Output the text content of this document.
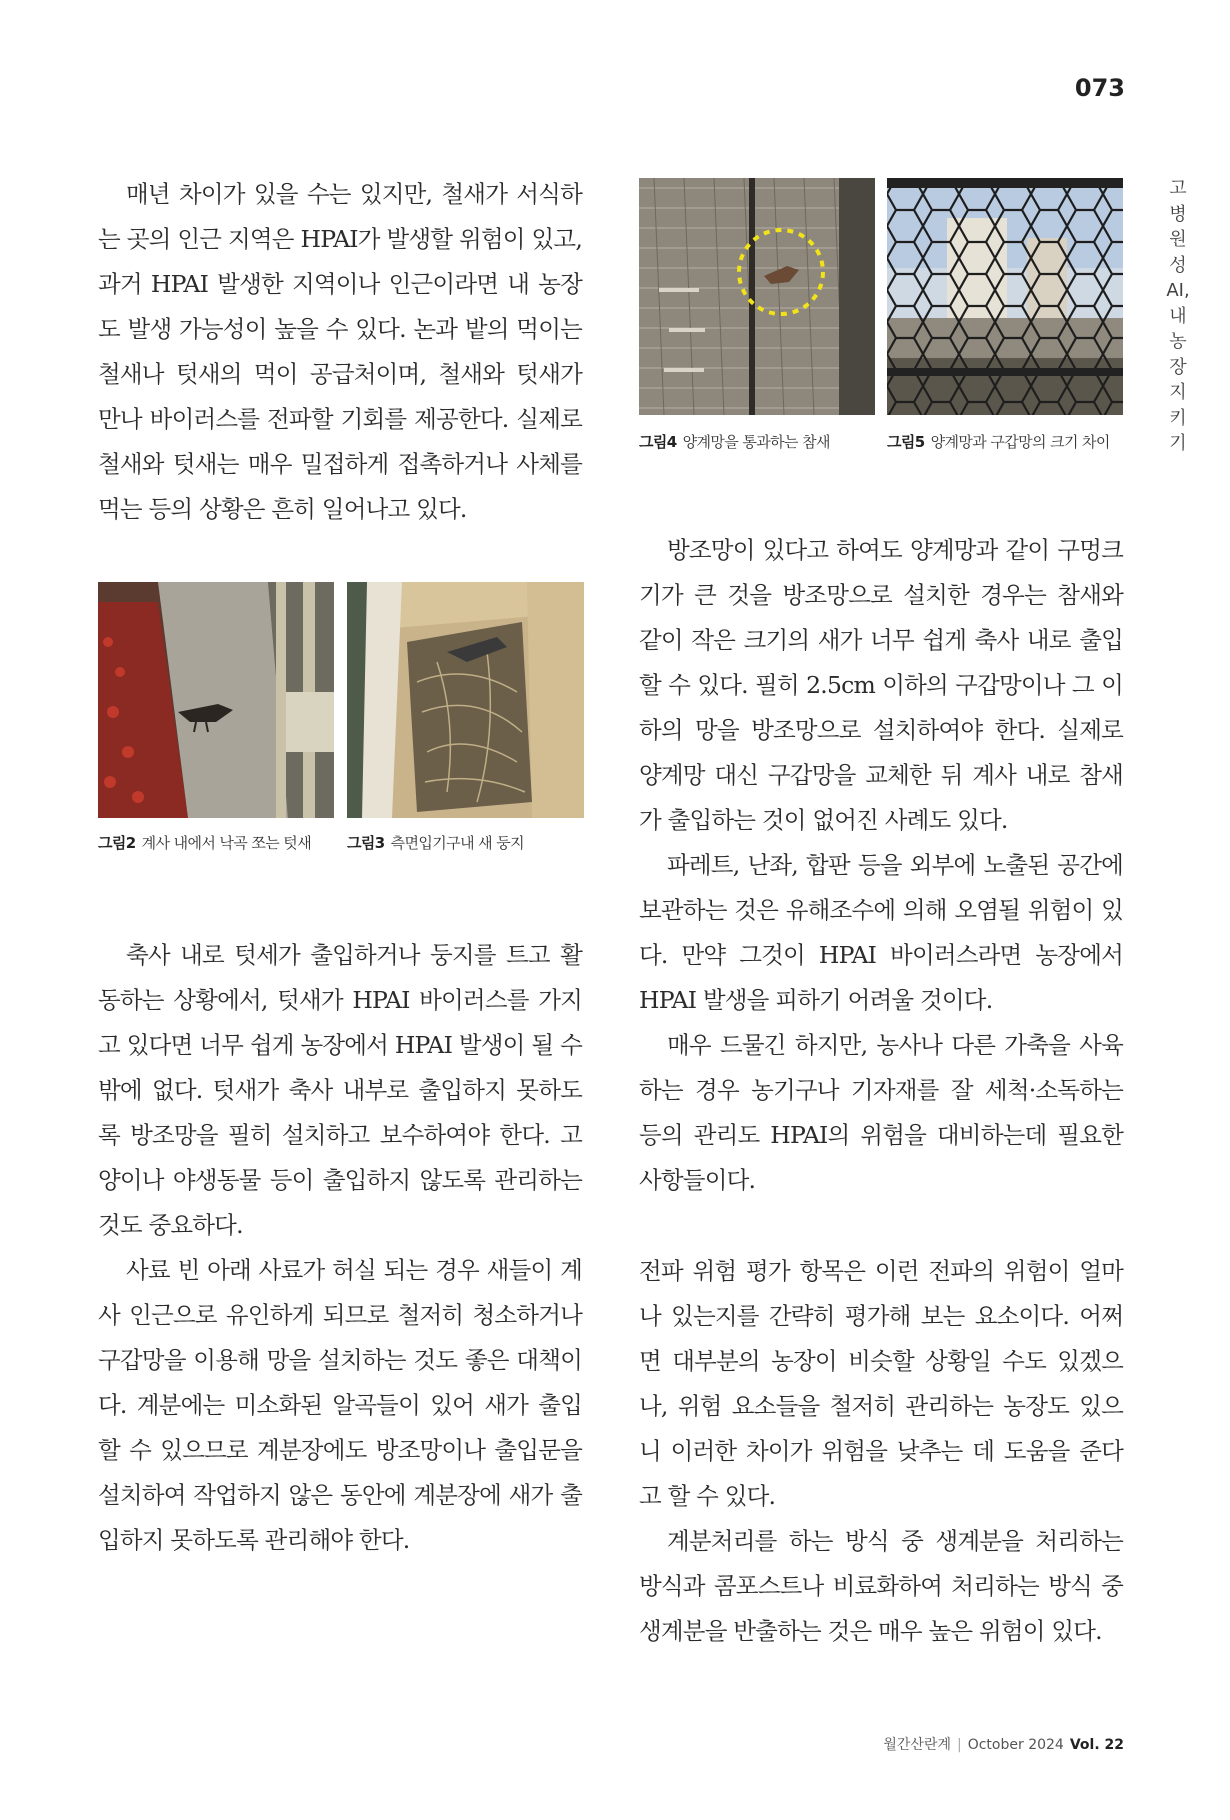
073
고병원성 AI, 내 농장 지키기

매년 차이가 있을 수는 있지만, 철새가 서식하는 곳의 인근 지역은 HPAI가 발생할 위험이 있고, 과거 HPAI 발생한 지역이나 인근이라면 내 농장도 발생 가능성이 높을 수 있다. 논과 밭의 먹이는 철새나 텃새의 먹이 공급처이며, 철새와 텃새가 만나 바이러스를 전파할 기회를 제공한다. 실제로 철새와 텃새는 매우 밀접하게 접촉하거나 사체를 먹는 등의 상황은 흔히 일어나고 있다.

그림2 계사 내에서 낙곡 쪼는 텃새 그림3 측면입기구내 새 둥지

축사 내로 텃세가 출입하거나 둥지를 트고 활동하는 상황에서, 텃새가 HPAI 바이러스를 가지고 있다면 너무 쉽게 농장에서 HPAI 발생이 될 수 밖에 없다. 텃새가 축사 내부로 출입하지 못하도록 방조망을 필히 설치하고 보수하여야 한다. 고양이나 야생동물 등이 출입하지 않도록 관리하는 것도 중요하다.

사료 빈 아래 사료가 허실 되는 경우 새들이 계사 인근으로 유인하게 되므로 철저히 청소하거나 구갑망을 이용해 망을 설치하는 것도 좋은 대책이다. 계분에는 미소화된 알곡들이 있어 새가 출입할 수 있으므로 계분장에도 방조망이나 출입문을 설치하여 작업하지 않은 동안에 계분장에 새가 출입하지 못하도록 관리해야 한다.

그림4 양계망을 통과하는 참새	그림5 양계망과 구갑망의 크기 차이

방조망이 있다고 하여도 양계망과 같이 구멍크기가 큰 것을 방조망으로 설치한 경우는 참새와 같이 작은 크기의 새가 너무 쉽게 축사 내로 출입할 수 있다. 필히 2.5cm 이하의 구갑망이나 그 이하의 망을 방조망으로 설치하여야 한다. 실제로 양계망 대신 구갑망을 교체한 뒤 계사 내로 참새가 출입하는 것이 없어진 사례도 있다.

파레트, 난좌, 합판 등을 외부에 노출된 공간에 보관하는 것은 유해조수에 의해 오염될 위험이 있다. 만약 그것이 HPAI 바이러스라면 농장에서 HPAI 발생을 피하기 어려울 것이다.

매우 드물긴 하지만, 농사나 다른 가축을 사육하는 경우 농기구나 기자재를 잘 세척·소독하는 등의 관리도 HPAI의 위험을 대비하는데 필요한 사항들이다.

전파 위험 평가 항목은 이런 전파의 위험이 얼마나 있는지를 간략히 평가해 보는 요소이다. 어쩌면 대부분의 농장이 비슷할 상황일 수도 있겠으나, 위험 요소들을 철저히 관리하는 농장도 있으니 이러한 차이가 위험을 낮추는 데 도움을 준다고 할 수 있다.

계분처리를 하는 방식 중 생계분을 처리하는 방식과 콤포스트나 비료화하여 처리하는 방식 중 생계분을 반출하는 것은 매우 높은 위험이 있다.

월간산란계 | October 2024 Vol. 22
